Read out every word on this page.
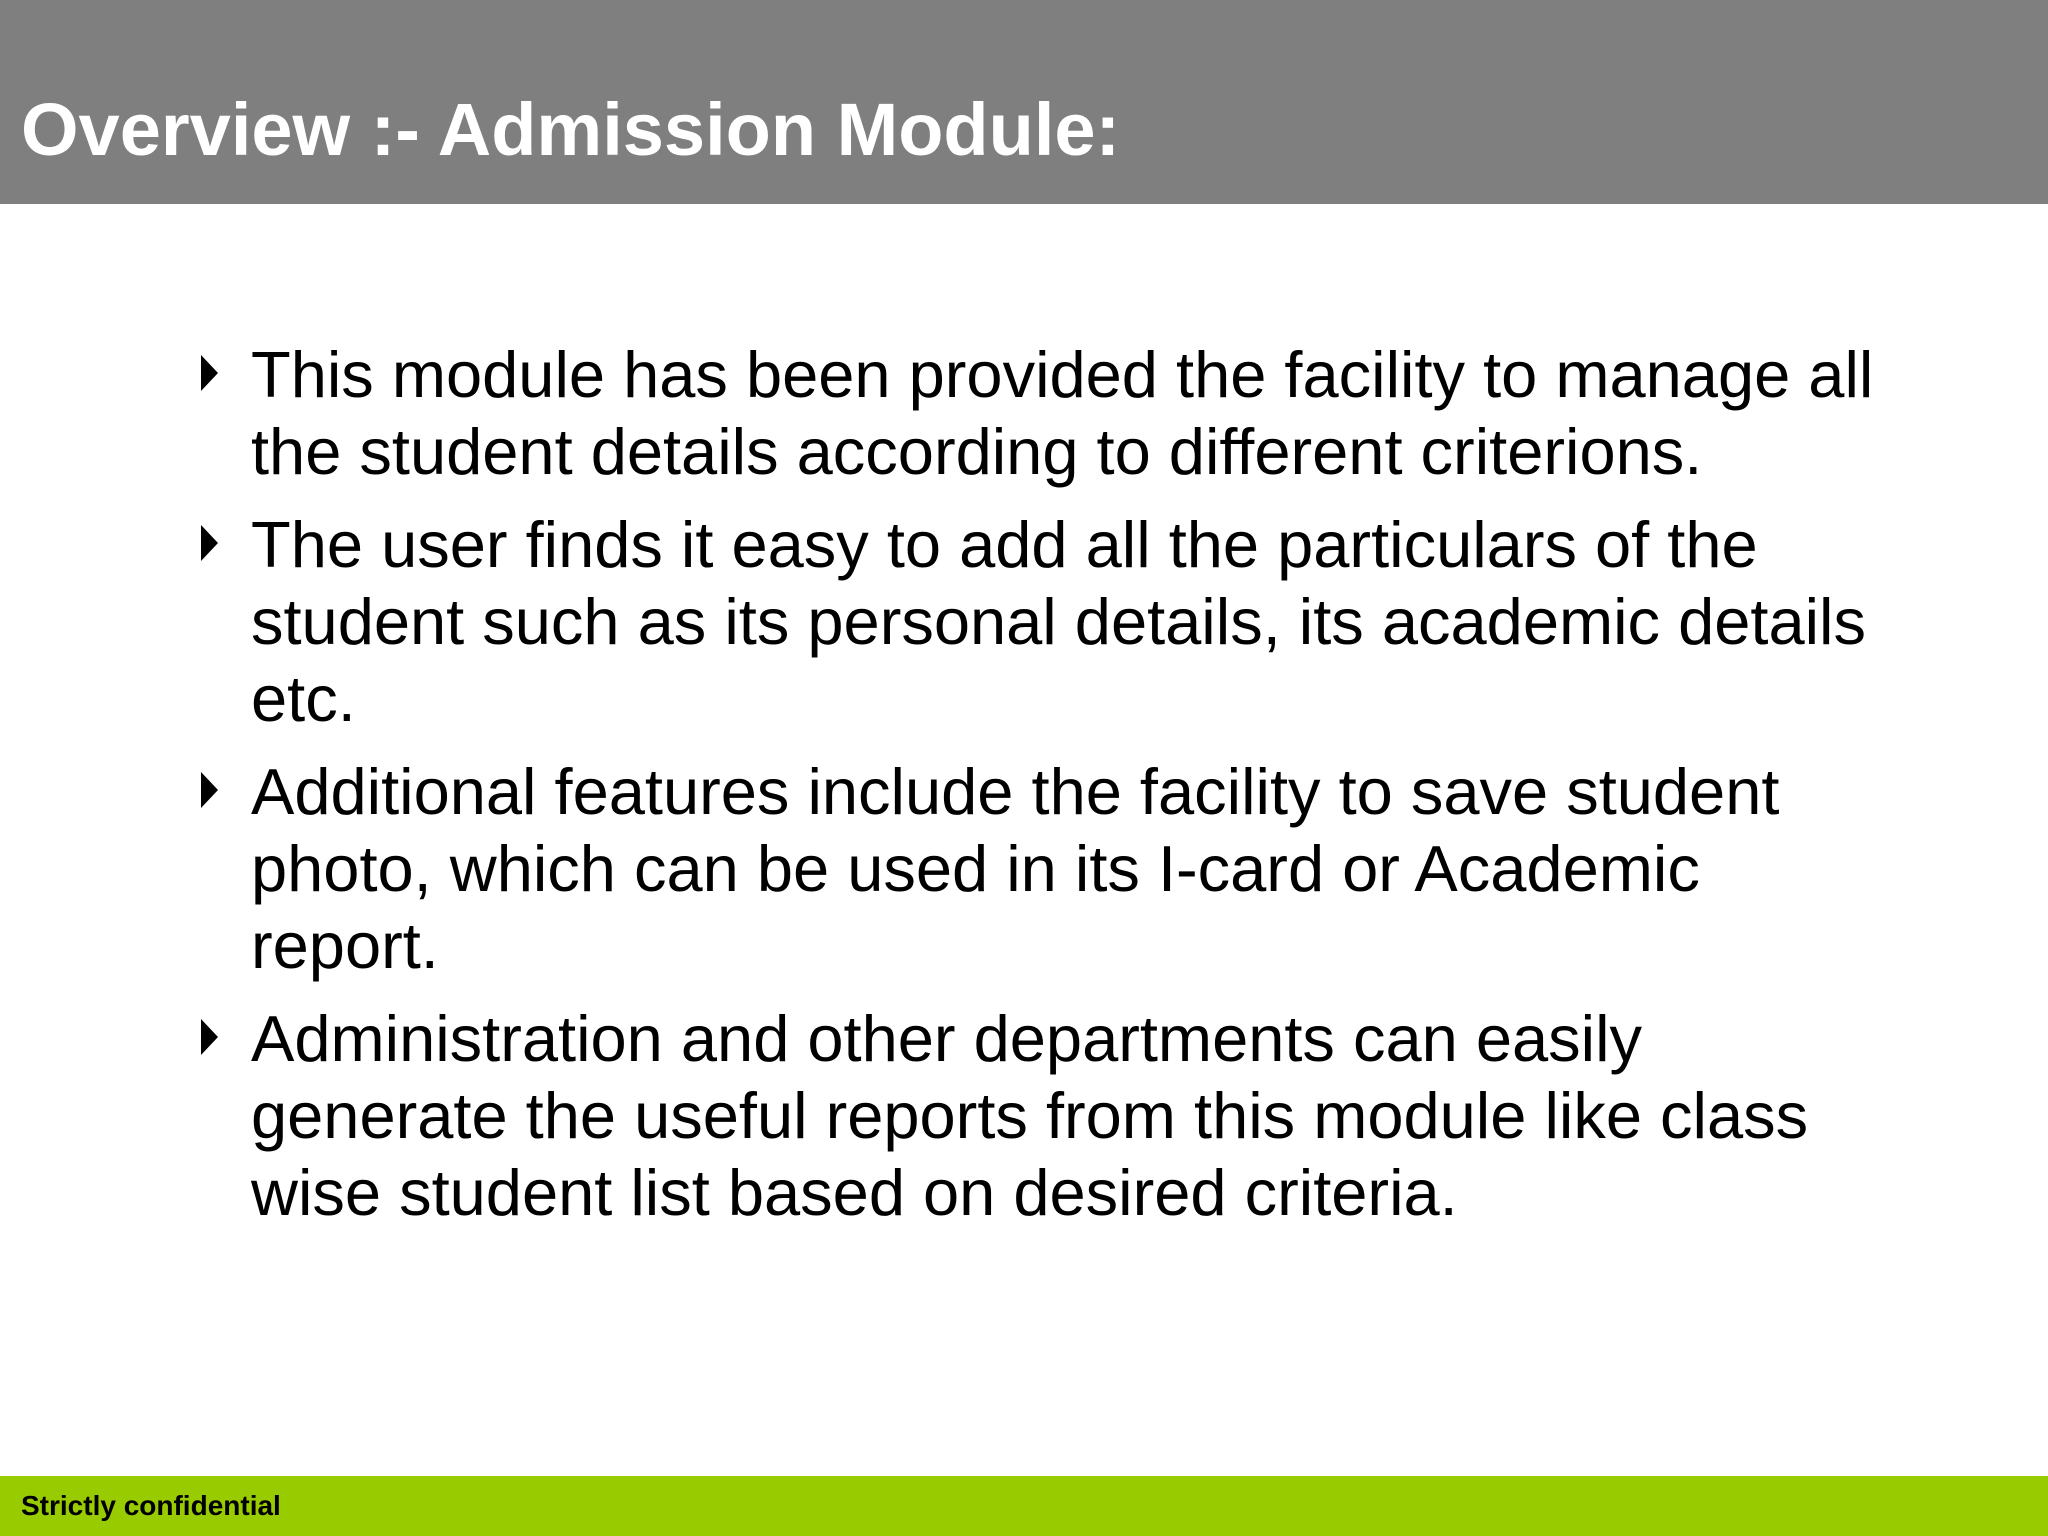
Overview :- Admission Module:
This module has been provided the facility to manage all the student details according to different criterions.
The user finds it easy to add all the particulars of the student such as its personal details, its academic details etc.
Additional features include the facility to save student photo, which can be used in its I-card or Academic report.
Administration and other departments can easily generate the useful reports from this module like class wise student list based on desired criteria.

Strictly confidential
